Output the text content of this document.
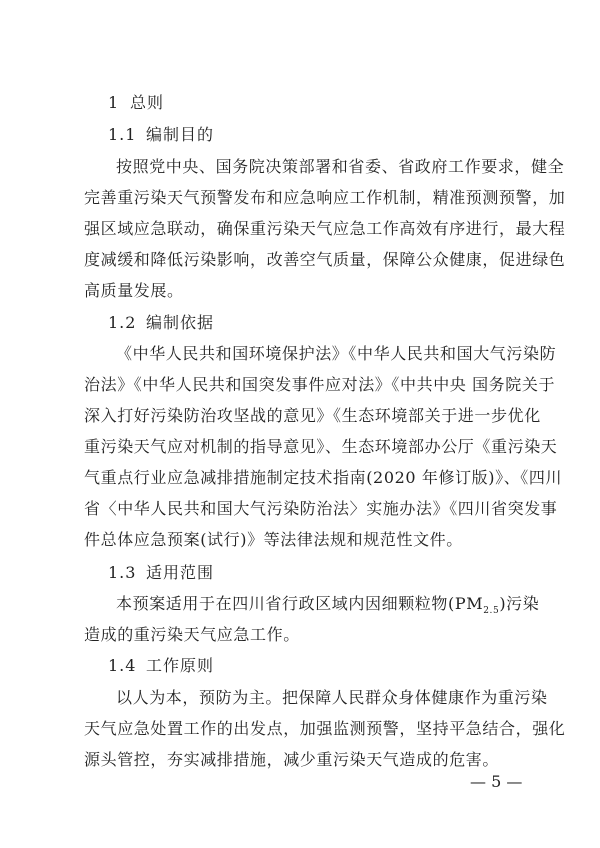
1 总则
1.1 编制目的
按照党中央、国务院决策部署和省委、省政府工作要求，健全
完善重污染天气预警发布和应急响应工作机制，精准预测预警，加
强区域应急联动，确保重污染天气应急工作高效有序进行，最大程
度减缓和降低污染影响，改善空气质量，保障公众健康，促进绿色
高质量发展。
1.2 编制依据
《中华人民共和国环境保护法》《中华人民共和国大气污染防
治法》《中华人民共和国突发事件应对法》《中共中央 国务院关于
深入打好污染防治攻坚战的意见》《生态环境部关于进一步优化
重污染天气应对机制的指导意见》、生态环境部办公厅《重污染天
气重点行业应急减排措施制定技术指南(2020 年修订版)》、《四川
省〈中华人民共和国大气污染防治法〉实施办法》《四川省突发事
件总体应急预案(试行)》等法律法规和规范性文件。
1.3 适用范围
本预案适用于在四川省行政区域内因细颗粒物$(PM_{2.5})$污染
造成的重污染天气应急工作。
1.4 工作原则
以人为本，预防为主。把保障人民群众身体健康作为重污染
天气应急处置工作的出发点，加强监测预警，坚持平急结合，强化
源头管控，夯实减排措施，减少重污染天气造成的危害。
— 5 —
